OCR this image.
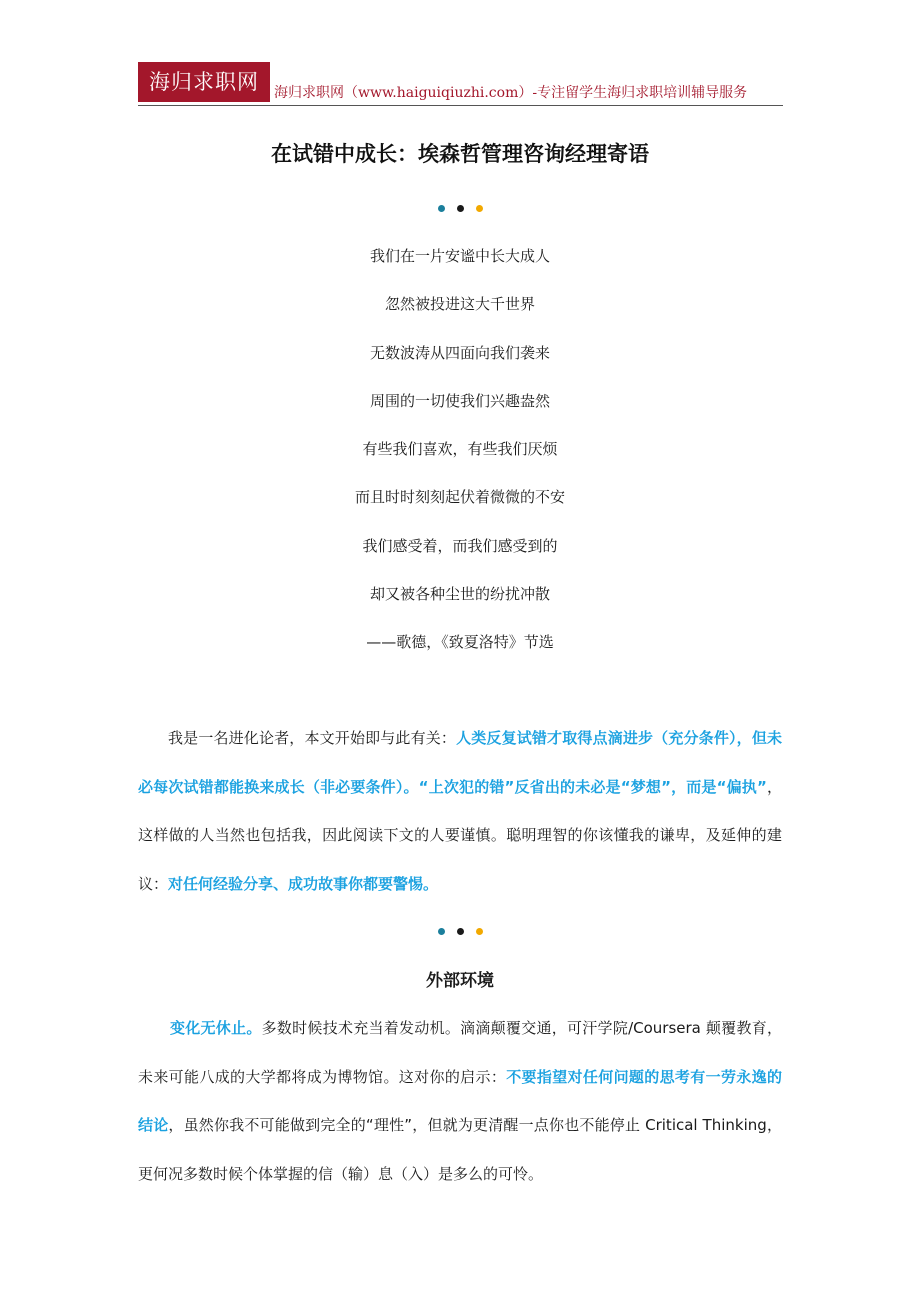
海归求职网	海归求职网（www.haiguiqiuzhi.com）-专注留学生海归求职培训辅导服务
在试错中成长：埃森哲管理咨询经理寄语

我们在一片安谧中长大成人
忽然被投进这大千世界
无数波涛从四面向我们袭来
周围的一切使我们兴趣盎然
有些我们喜欢，有些我们厌烦
而且时时刻刻起伏着微微的不安
我们感受着，而我们感受到的
却又被各种尘世的纷扰冲散
——歌德，《致夏洛特》节选

我是一名进化论者，本文开始即与此有关：人类反复试错才取得点滴进步（充分条件），但未必每次试错都能换来成长（非必要条件）。“上次犯的错”反省出的未必是“梦想”，而是“偏执”，这样做的人当然也包括我，因此阅读下文的人要谨慎。聪明理智的你该懂我的谦卑，及延伸的建议：对任何经验分享、成功故事你都要警惕。

外部环境

变化无休止。多数时候技术充当着发动机。滴滴颠覆交通，可汗学院/Coursera 颠覆教育，未来可能八成的大学都将成为博物馆。这对你的启示：不要指望对任何问题的思考有一劳永逸的结论，虽然你我不可能做到完全的“理性”，但就为更清醒一点你也不能停止 Critical Thinking，更何况多数时候个体掌握的信（输）息（入）是多么的可怜。
